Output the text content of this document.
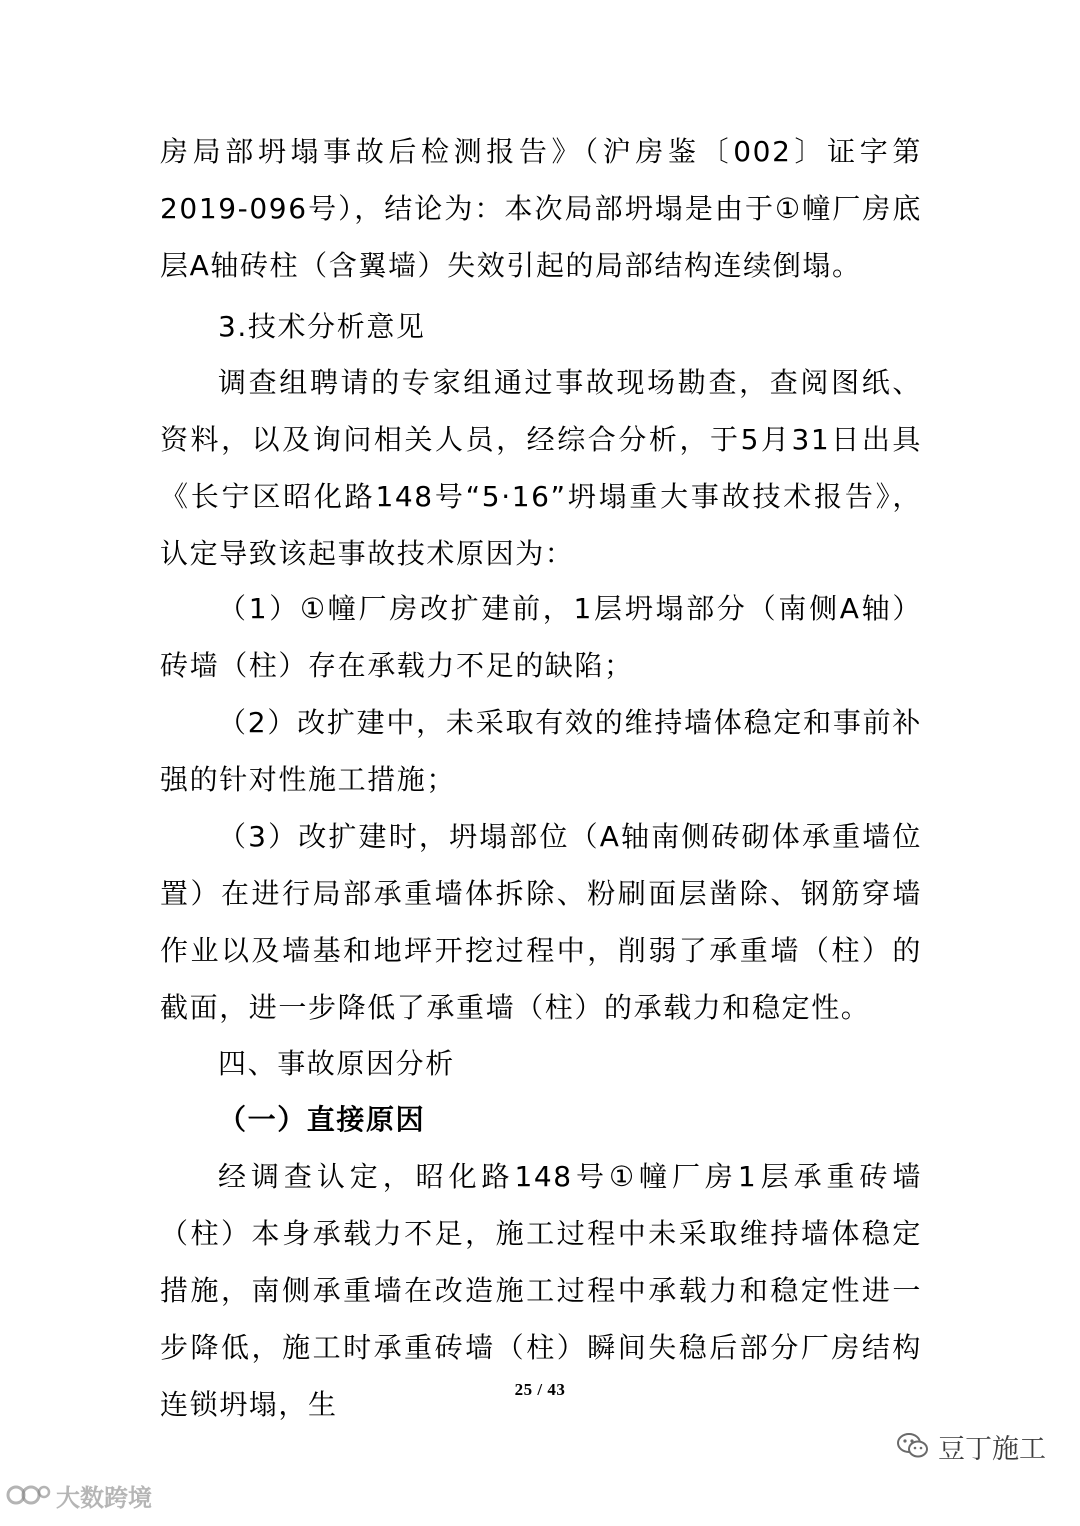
房局部坍塌事故后检测报告》（沪房鉴〔002〕证字第2019-096号），结论为：本次局部坍塌是由于①幢厂房底层A轴砖柱（含翼墙）失效引起的局部结构连续倒塌。

3.技术分析意见

调查组聘请的专家组通过事故现场勘查，查阅图纸、资料，以及询问相关人员，经综合分析，于5月31日出具《长宁区昭化路148号“5·16”坍塌重大事故技术报告》，认定导致该起事故技术原因为：

（1）①幢厂房改扩建前，1层坍塌部分（南侧A轴）砖墙（柱）存在承载力不足的缺陷；

（2）改扩建中，未采取有效的维持墙体稳定和事前补强的针对性施工措施；

（3）改扩建时，坍塌部位（A轴南侧砖砌体承重墙位置）在进行局部承重墙体拆除、粉刷面层凿除、钢筋穿墙作业以及墙基和地坪开挖过程中，削弱了承重墙（柱）的截面，进一步降低了承重墙（柱）的承载力和稳定性。

四、事故原因分析

（一）直接原因

经调查认定，昭化路148号①幢厂房1层承重砖墙（柱）本身承载力不足，施工过程中未采取维持墙体稳定措施，南侧承重墙在改造施工过程中承载力和稳定性进一步降低，施工时承重砖墙（柱）瞬间失稳后部分厂房结构连锁坍塌，生	25 / 43
豆丁施工
大数跨境
